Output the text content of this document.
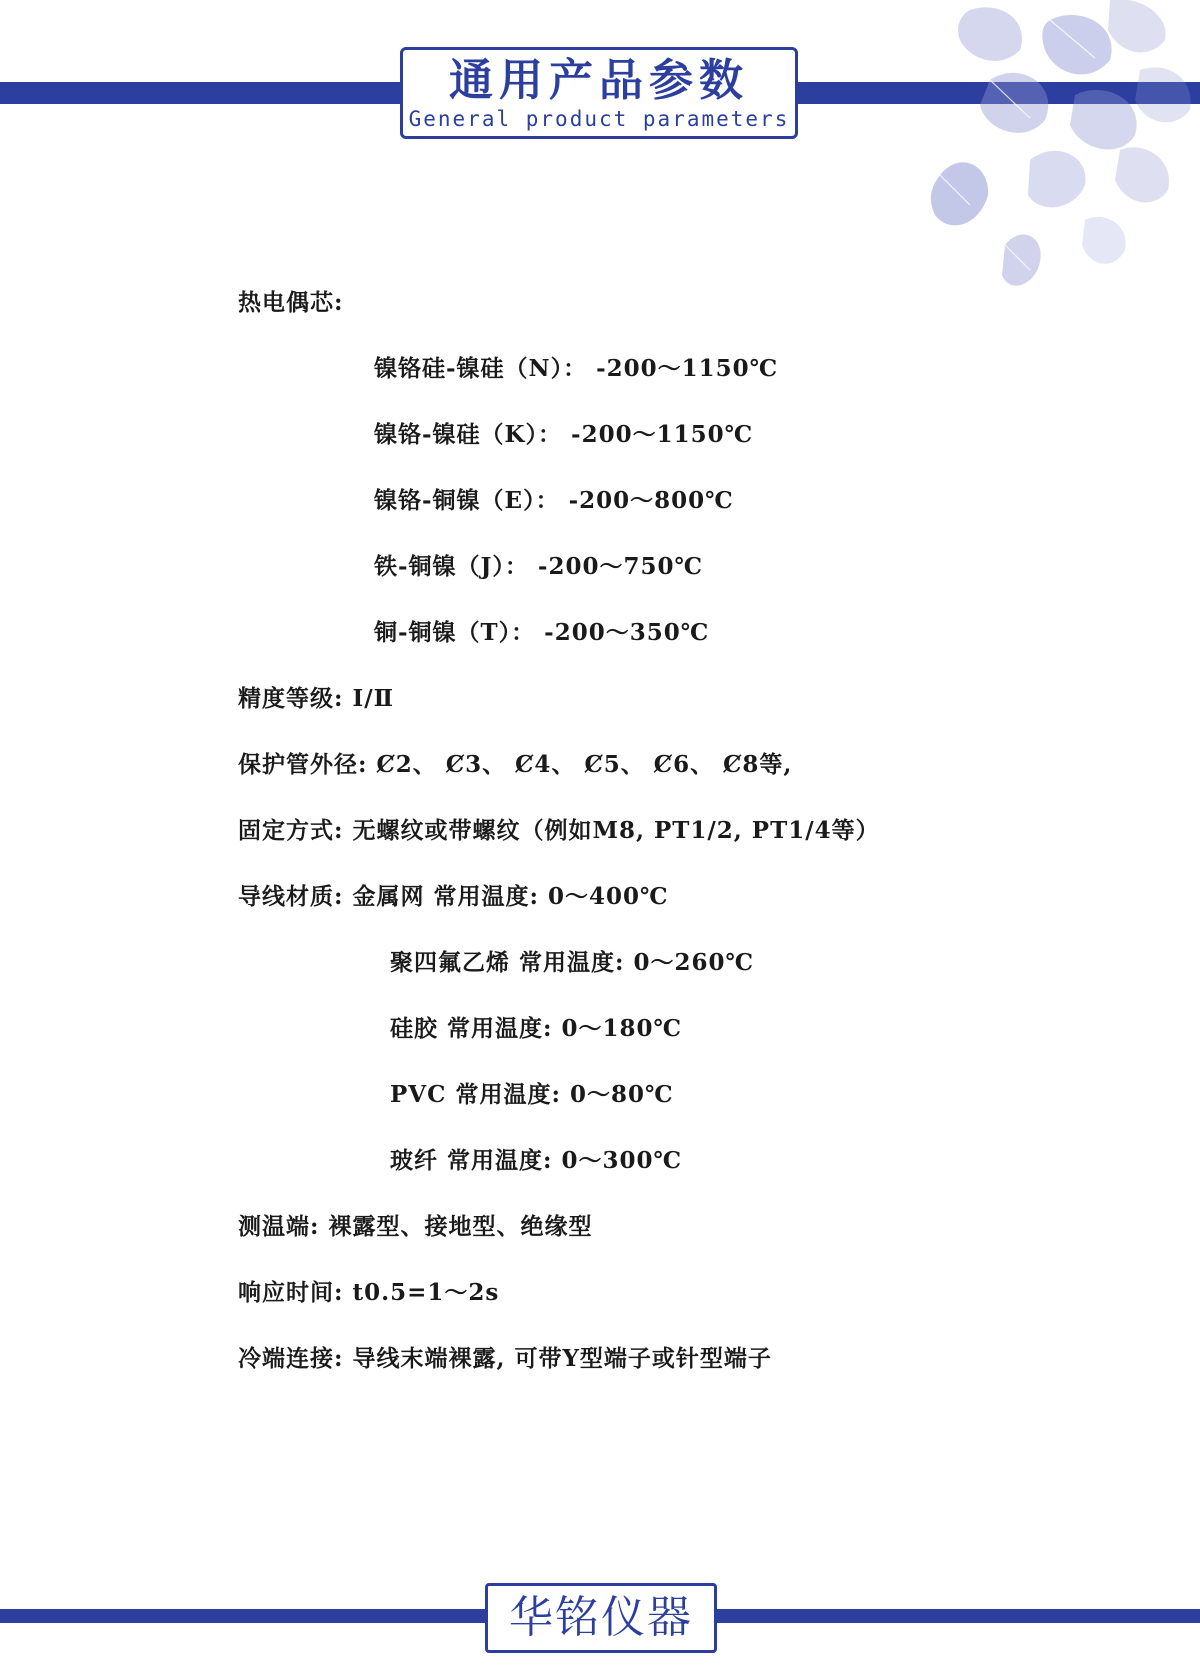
通用产品参数
General product parameters
热电偶芯:
镍铬硅-镍硅（N）： -200～1150℃
镍铬-镍硅（K）： -200～1150℃
镍铬-铜镍（E）： -200～800℃
铁-铜镍（J）： -200～750℃
铜-铜镍（T）： -200～350℃
精度等级: Ⅰ/Ⅱ
保护管外径: Ȼ2、 Ȼ3、 Ȼ4、 Ȼ5、 Ȼ6、 Ȼ8等,
固定方式: 无螺纹或带螺纹（例如M8, PT1/2, PT1/4等）
导线材质: 金属网 常用温度: 0～400℃
聚四氟乙烯 常用温度: 0～260℃
硅胶 常用温度: 0～180℃
PVC 常用温度: 0～80℃
玻纤 常用温度: 0～300℃
测温端: 裸露型、接地型、绝缘型
响应时间: t0.5=1～2s
冷端连接: 导线末端裸露, 可带Y型端子或针型端子
华铭仪器
